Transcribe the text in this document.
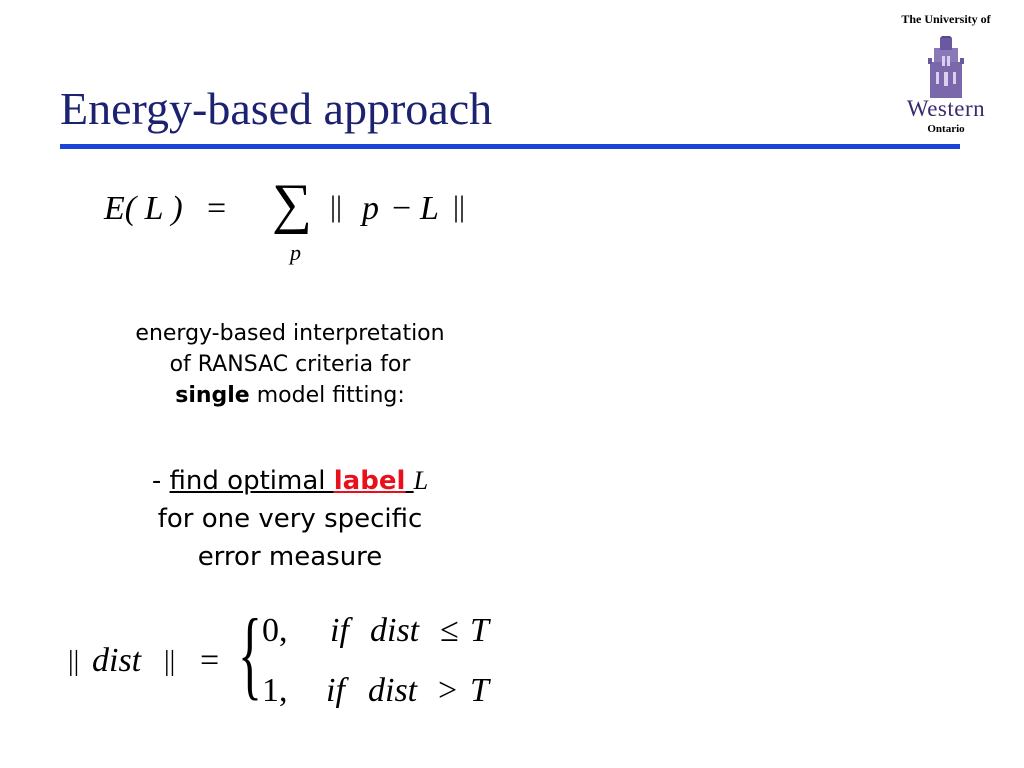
Energy-based approach
The University of
Western
Ontario
E( L ) = ∑
p
|| p − L ||
energy-based interpretation
of RANSAC criteria for
single model fitting:
- find optimal label L
for one very specific
error measure
|| dist || = { 0, if dist ≤ T
1, if dist > T
